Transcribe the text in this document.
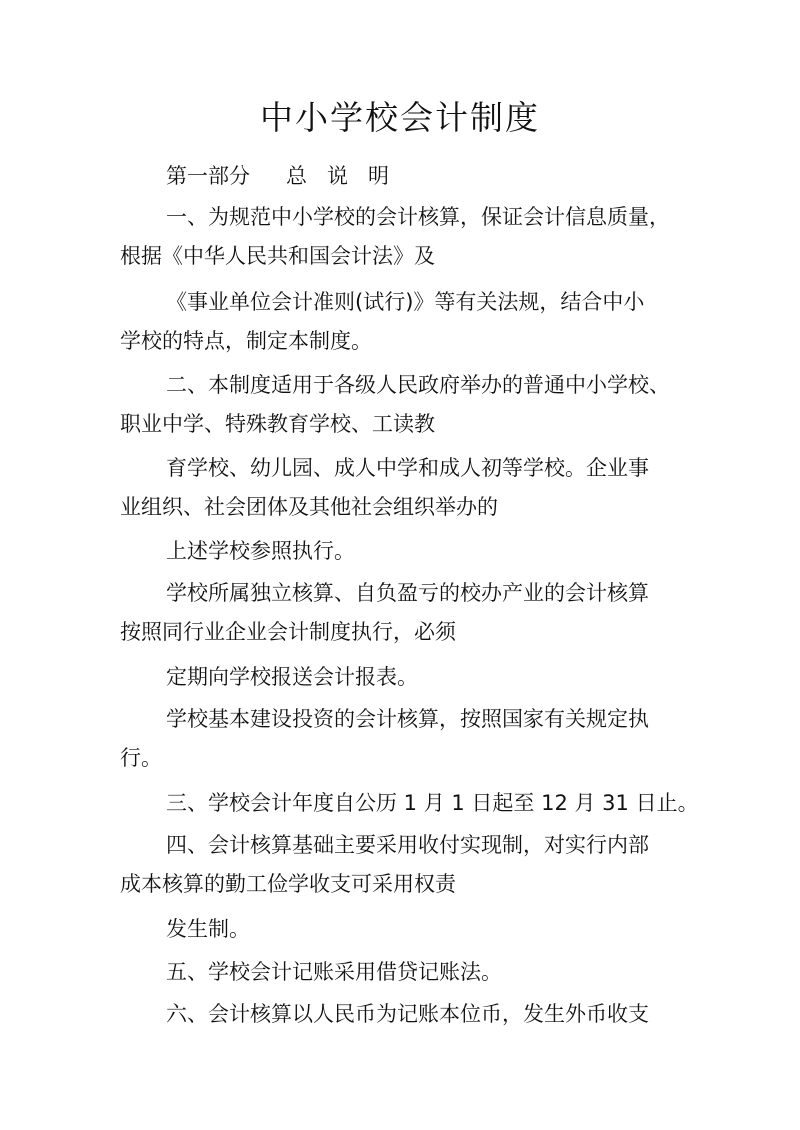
中小学校会计制度
第一部分 总 说 明
一、为规范中小学校的会计核算，保证会计信息质量，
根据《中华人民共和国会计法》及
《事业单位会计准则(试行)》等有关法规，结合中小
学校的特点，制定本制度。
二、本制度适用于各级人民政府举办的普通中小学校、
职业中学、特殊教育学校、工读教
育学校、幼儿园、成人中学和成人初等学校。企业事
业组织、社会团体及其他社会组织举办的
上述学校参照执行。
学校所属独立核算、自负盈亏的校办产业的会计核算
按照同行业企业会计制度执行，必须
定期向学校报送会计报表。
学校基本建设投资的会计核算，按照国家有关规定执
行。
三、学校会计年度自公历 1 月 1 日起至 12 月 31 日止。
四、会计核算基础主要采用收付实现制，对实行内部
成本核算的勤工俭学收支可采用权责
发生制。
五、学校会计记账采用借贷记账法。
六、会计核算以人民币为记账本位币，发生外币收支
